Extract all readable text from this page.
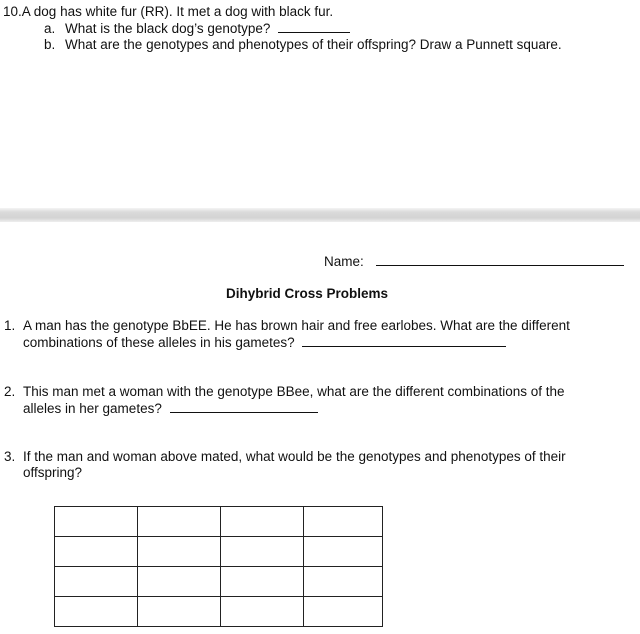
10.A dog has white fur (RR). It met a dog with black fur.
a. What is the black dog’s genotype?
b. What are the genotypes and phenotypes of their offspring? Draw a Punnett square.
Name:
Dihybrid Cross Problems
1. A man has the genotype BbEE. He has brown hair and free earlobes. What are the different
combinations of these alleles in his gametes?
2. This man met a woman with the genotype BBee, what are the different combinations of the
alleles in her gametes?
3. If the man and woman above mated, what would be the genotypes and phenotypes of their
offspring?
